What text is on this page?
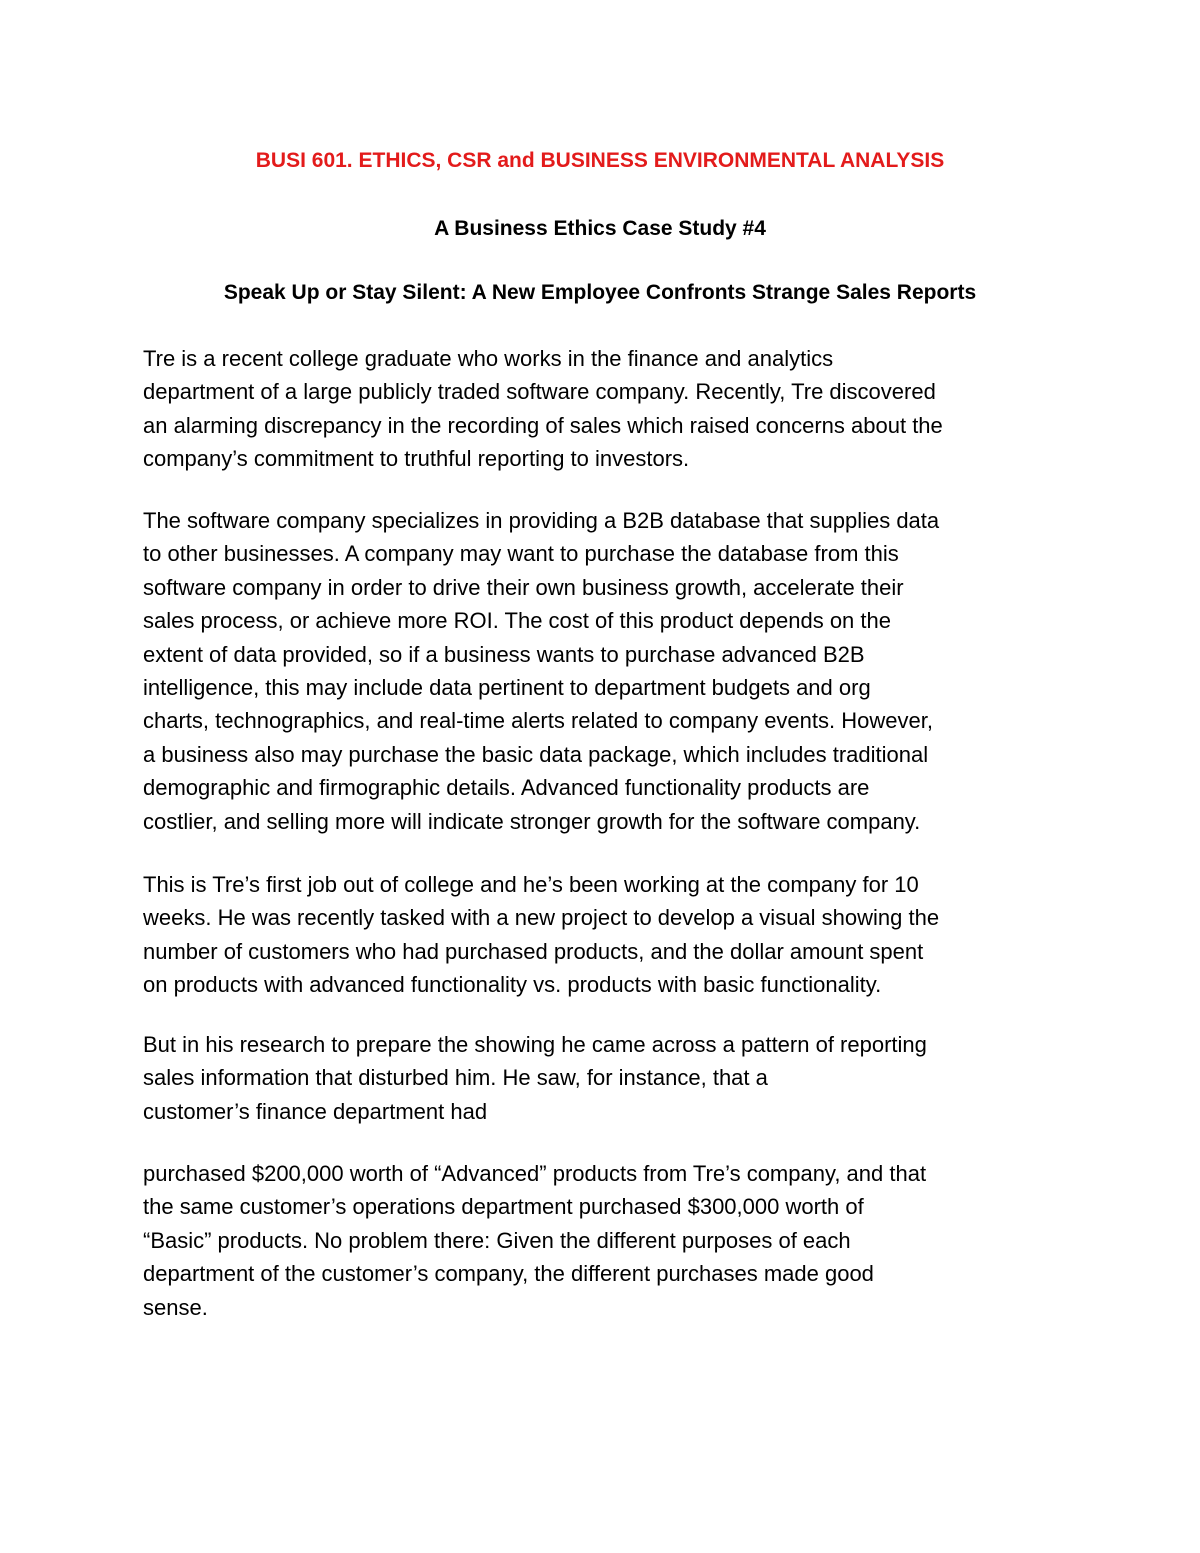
BUSI 601. ETHICS, CSR and BUSINESS ENVIRONMENTAL ANALYSIS
A Business Ethics Case Study #4
Speak Up or Stay Silent: A New Employee Confronts Strange Sales Reports

Tre is a recent college graduate who works in the finance and analytics
department of a large publicly traded software company. Recently, Tre discovered
an alarming discrepancy in the recording of sales which raised concerns about the
company’s commitment to truthful reporting to investors.

The software company specializes in providing a B2B database that supplies data
to other businesses. A company may want to purchase the database from this
software company in order to drive their own business growth, accelerate their
sales process, or achieve more ROI. The cost of this product depends on the
extent of data provided, so if a business wants to purchase advanced B2B
intelligence, this may include data pertinent to department budgets and org
charts, technographics, and real-time alerts related to company events. However,
a business also may purchase the basic data package, which includes traditional
demographic and firmographic details. Advanced functionality products are
costlier, and selling more will indicate stronger growth for the software company.

This is Tre’s first job out of college and he’s been working at the company for 10
weeks. He was recently tasked with a new project to develop a visual showing the
number of customers who had purchased products, and the dollar amount spent
on products with advanced functionality vs. products with basic functionality.

But in his research to prepare the showing he came across a pattern of reporting
sales information that disturbed him. He saw, for instance, that a
customer’s finance department had

purchased $200,000 worth of “Advanced” products from Tre’s company, and that
the same customer’s operations department purchased $300,000 worth of
“Basic” products. No problem there: Given the different purposes of each
department of the customer’s company, the different purchases made good
sense.
